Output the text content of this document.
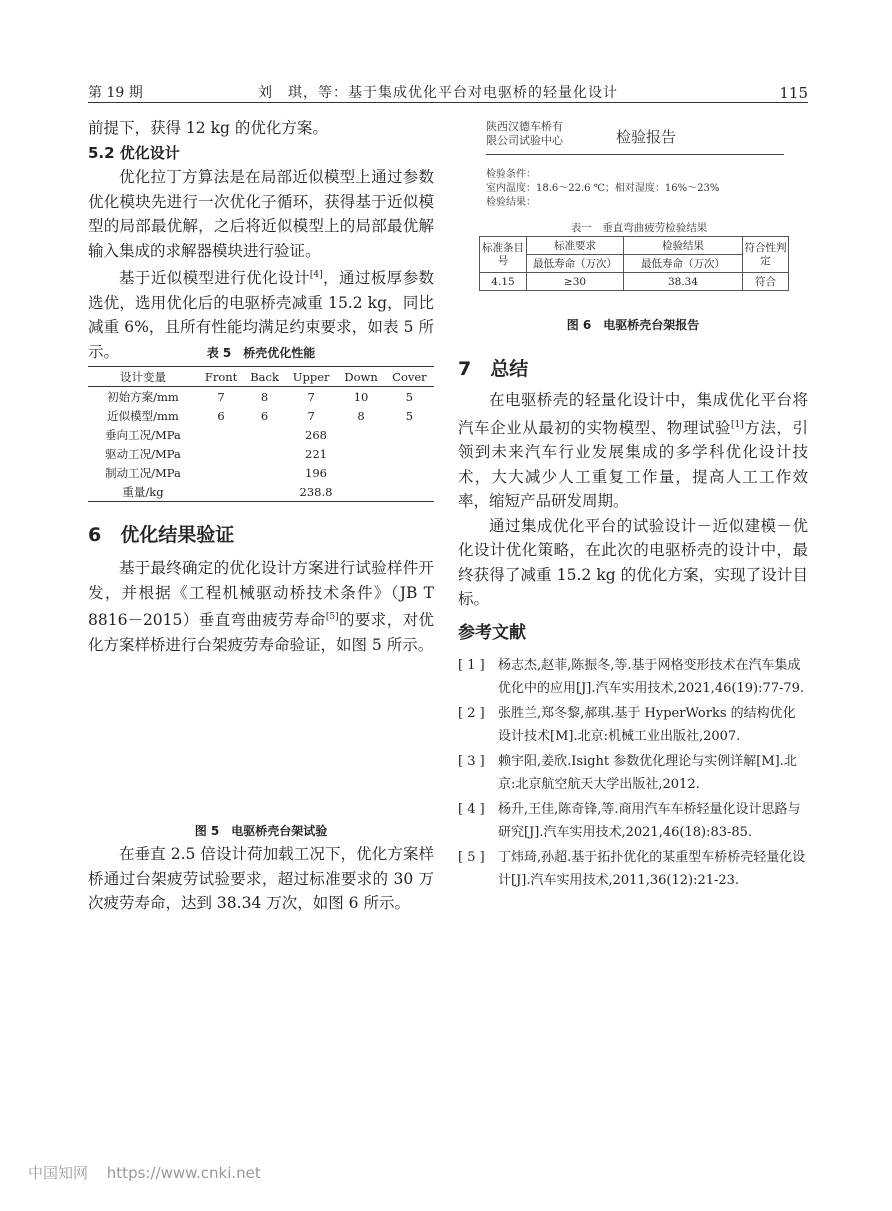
第 19 期	刘　琪，等：基于集成优化平台对电驱桥的轻量化设计	115

前提下，获得 12 kg 的优化方案。

5.2 优化设计

优化拉丁方算法是在局部近似模型上通过参数优化模块先进行一次优化子循环，获得基于近似模型的局部最优解，之后将近似模型上的局部最优解输入集成的求解器模块进行验证。

基于近似模型进行优化设计[4]，通过板厚参数选优，选用优化后的电驱桥壳减重 15.2 kg，同比减重 6%，且所有性能均满足约束要求，如表 5 所示。	表 5　桥壳优化性能
设计变量	Front	Back	Upper	Down	Cover
初始方案/mm	7	8	7	10	5
近似模型/mm	6	6	7	8	5
垂向工况/MPa	268				
驱动工况/MPa	221				
制动工况/MPa	196				
重量/kg	238.8				
6　优化结果验证

基于最终确定的优化设计方案进行试验样件开发，并根据《工程机械驱动桥技术条件》（JB T 8816－2015）垂直弯曲疲劳寿命[5]的要求，对优化方案样桥进行台架疲劳寿命验证，如图 5 所示。

图 5　电驱桥壳台架试验

在垂直 2.5 倍设计荷加载工况下，优化方案样桥通过台架疲劳试验要求，超过标准要求的 30 万次疲劳寿命，达到 38.34 万次，如图 6 所示。

陕西汉德车桥有
限公司试验中心	检验报告
检验条件：
室内温度：18.6～22.6 ℃；相对湿度：16%～23%
检验结果：
表一　垂直弯曲疲劳检验结果
标准条目号	标准要求	检验结果	符合性判定
	最低寿命（万次）	最低寿命（万次）	
4.15	≥30	38.34	符合
图 6　电驱桥壳台架报告
7　总结

在电驱桥壳的轻量化设计中，集成优化平台将汽车企业从最初的实物模型、物理试验[1]方法，引领到未来汽车行业发展集成的多学科优化设计技术，大大减少人工重复工作量，提高人工工作效率，缩短产品研发周期。

通过集成优化平台的试验设计－近似建模－优化设计优化策略，在此次的电驱桥壳的设计中，最终获得了减重 15.2 kg 的优化方案，实现了设计目标。

参考文献
[ 1 ] 杨志杰,赵菲,陈振冬,等.基于网格变形技术在汽车集成优化中的应用[J].汽车实用技术,2021,46(19):77-79.
[ 2 ] 张胜兰,郑冬黎,郝琪.基于 HyperWorks 的结构优化设计技术[M].北京:机械工业出版社,2007.
[ 3 ] 赖宇阳,姜欣.Isight 参数优化理论与实例详解[M].北京:北京航空航天大学出版社,2012.
[ 4 ] 杨升,王佳,陈奇锋,等.商用汽车车桥轻量化设计思路与研究[J].汽车实用技术,2021,46(18):83-85.
[ 5 ] 丁炜琦,孙超.基于拓扑优化的某重型车桥桥壳轻量化设计[J].汽车实用技术,2011,36(12):21-23.
中国知网 https://www.cnki.net
